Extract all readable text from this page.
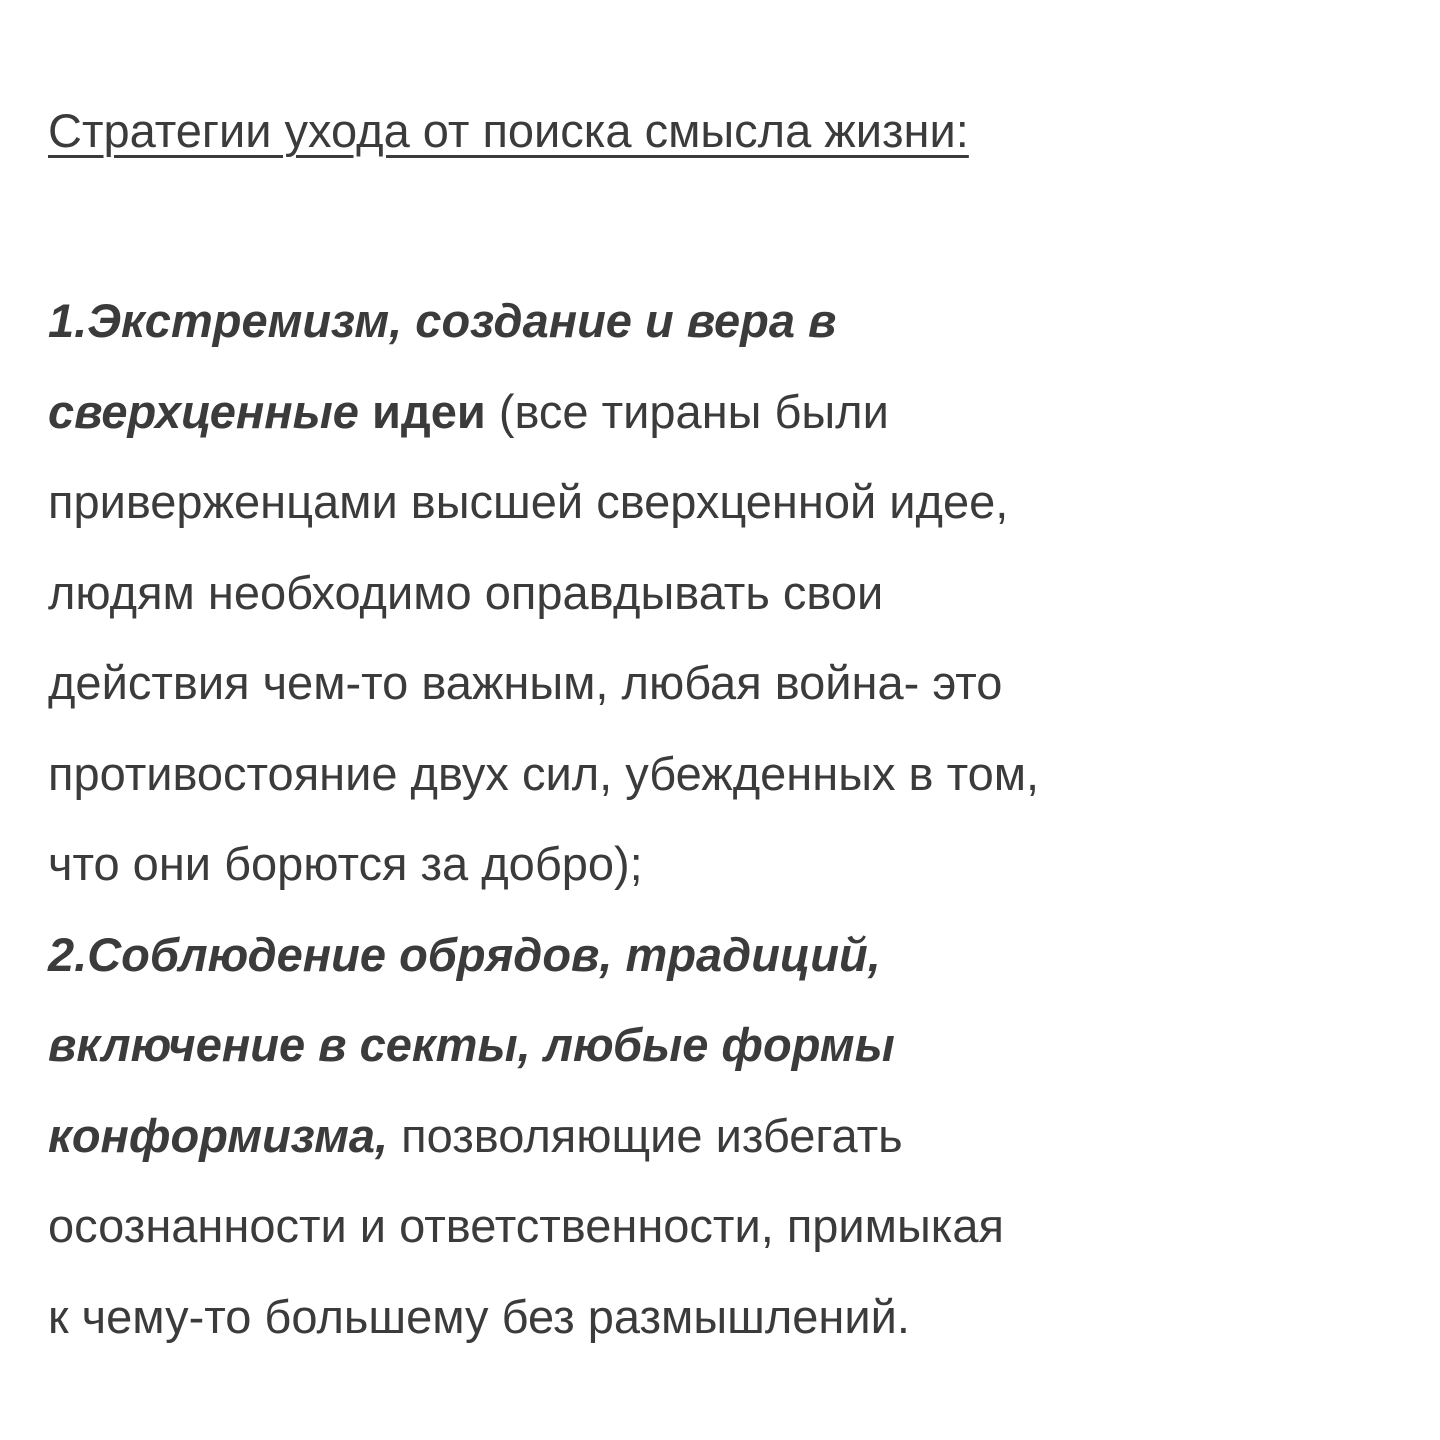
Стратегии ухода от поиска смысла жизни:
1.Экстремизм, создание и вера в
сверхценные идеи (все тираны были
приверженцами высшей сверхценной идее,
людям необходимо оправдывать свои
действия чем-то важным, любая война- это
противостояние двух сил, убежденных в том,
что они борются за добро);
2.Соблюдение обрядов, традиций,
включение в секты, любые формы
конформизма, позволяющие избегать
осознанности и ответственности, примыкая
к чему-то большему без размышлений.
